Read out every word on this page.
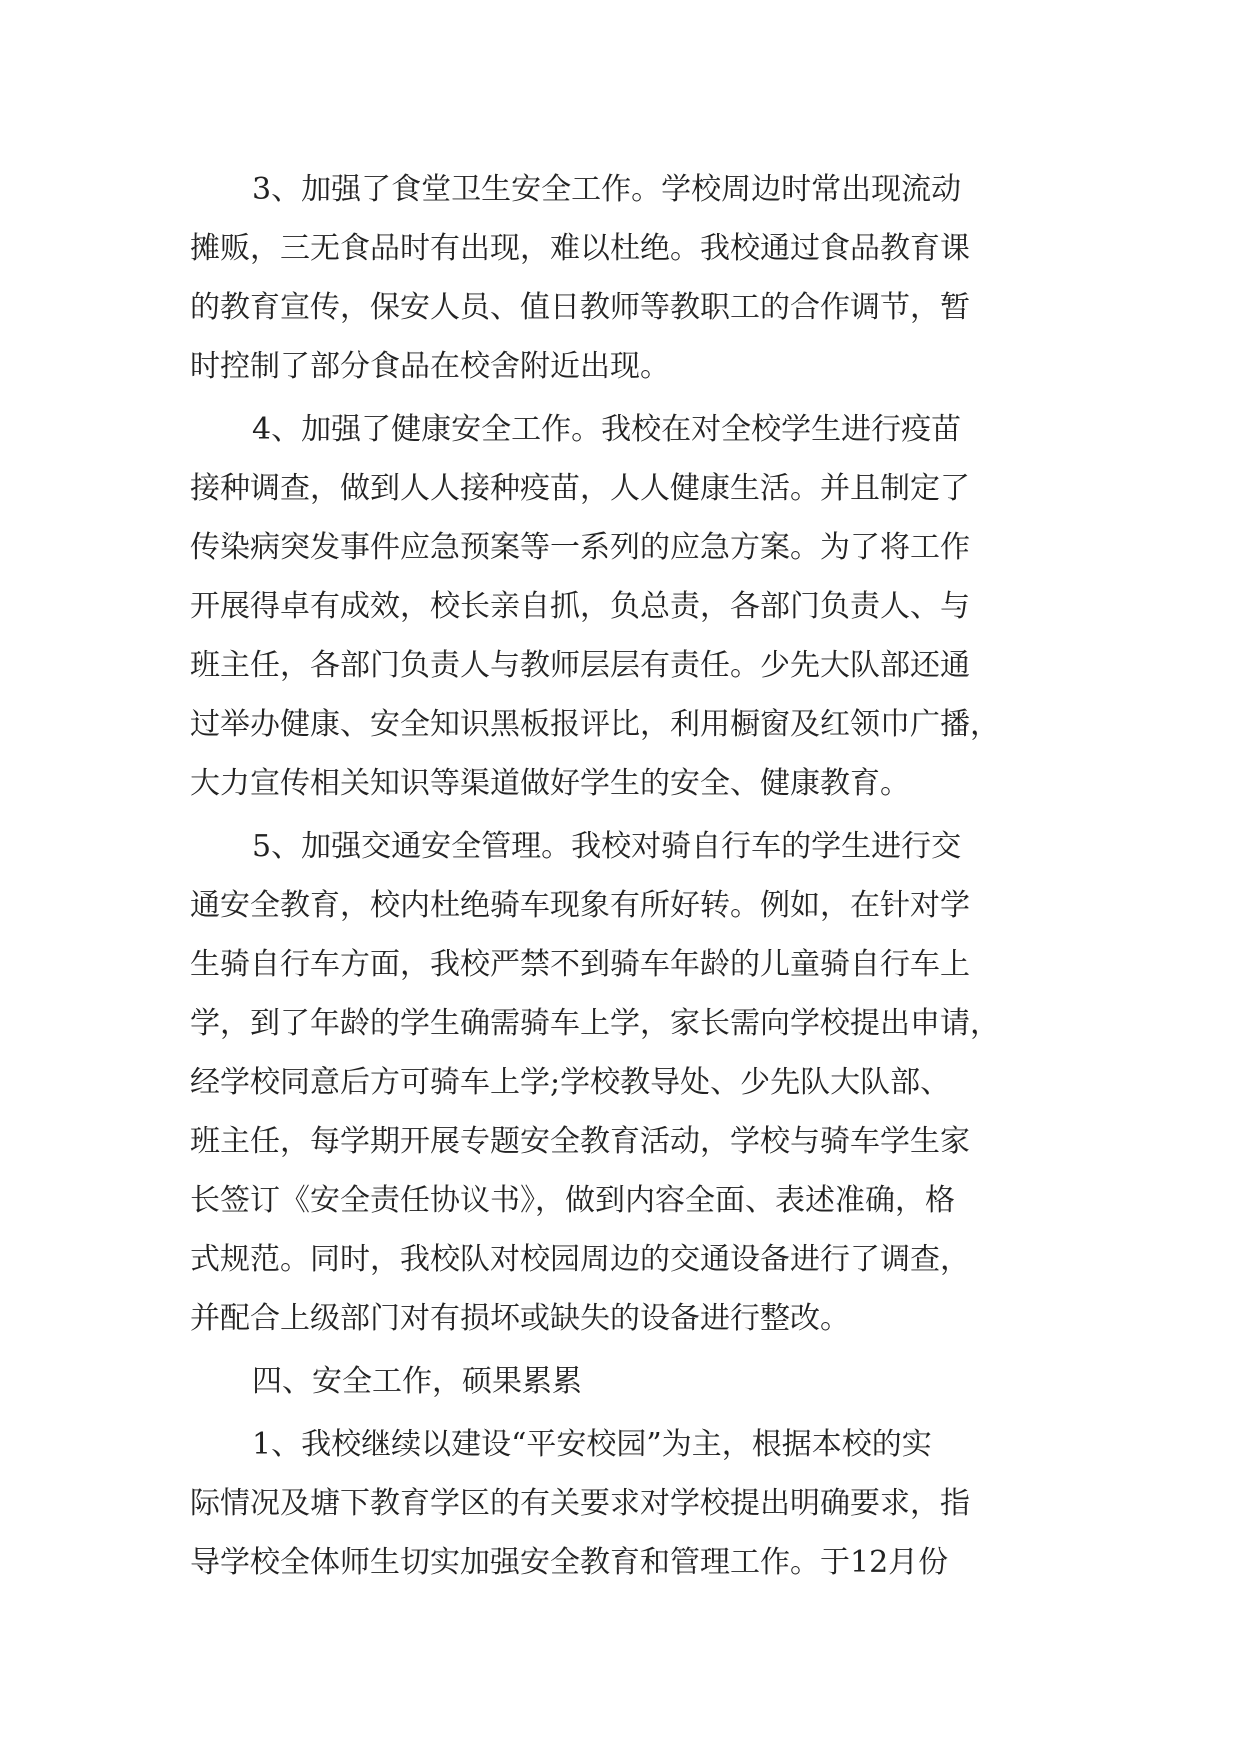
3、加强了食堂卫生安全工作。学校周边时常出现流动
摊贩，三无食品时有出现，难以杜绝。我校通过食品教育课
的教育宣传，保安人员、值日教师等教职工的合作调节，暂
时控制了部分食品在校舍附近出现。
4、加强了健康安全工作。我校在对全校学生进行疫苗
接种调查，做到人人接种疫苗，人人健康生活。并且制定了
传染病突发事件应急预案等一系列的应急方案。为了将工作
开展得卓有成效，校长亲自抓，负总责，各部门负责人、与
班主任，各部门负责人与教师层层有责任。少先大队部还通
过举办健康、安全知识黑板报评比，利用橱窗及红领巾广播，
大力宣传相关知识等渠道做好学生的安全、健康教育。
5、加强交通安全管理。我校对骑自行车的学生进行交
通安全教育，校内杜绝骑车现象有所好转。例如，在针对学
生骑自行车方面，我校严禁不到骑车年龄的儿童骑自行车上
学，到了年龄的学生确需骑车上学，家长需向学校提出申请，
经学校同意后方可骑车上学;学校教导处、少先队大队部、
班主任，每学期开展专题安全教育活动，学校与骑车学生家
长签订《安全责任协议书》，做到内容全面、表述准确，格
式规范。同时，我校队对校园周边的交通设备进行了调查，
并配合上级部门对有损坏或缺失的设备进行整改。
四、安全工作，硕果累累
1、我校继续以建设“平安校园”为主，根据本校的实
际情况及塘下教育学区的有关要求对学校提出明确要求，指
导学校全体师生切实加强安全教育和管理工作。于12月份
